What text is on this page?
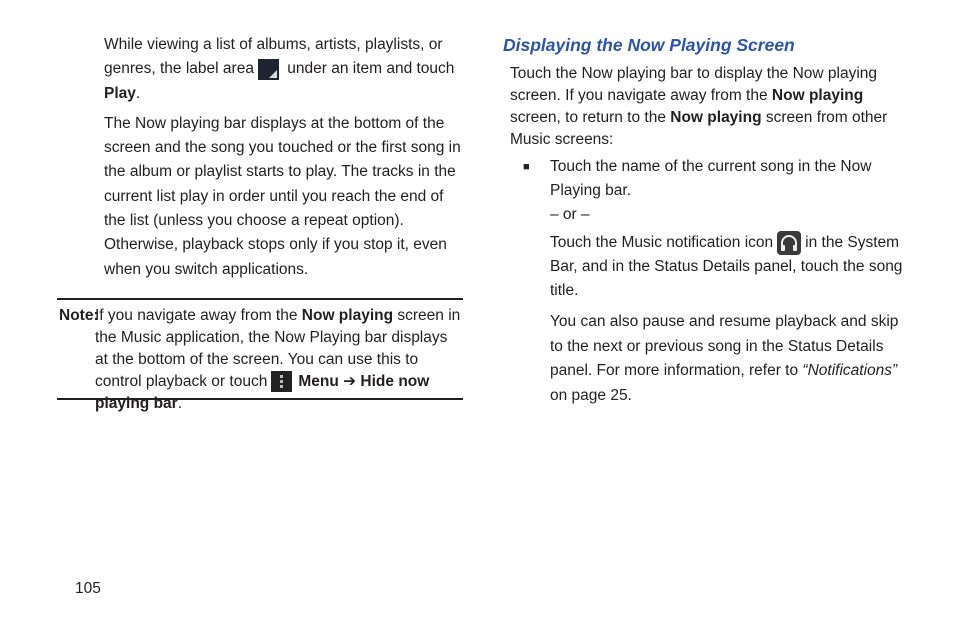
While viewing a list of albums, artists, playlists, or genres, the label area under an item and touch Play.

The Now playing bar displays at the bottom of the screen and the song you touched or the first song in the album or playlist starts to play. The tracks in the current list play in order until you reach the end of the list (unless you choose a repeat option). Otherwise, playback stops only if you stop it, even when you switch applications.

Note:
If you navigate away from the Now playing screen in the Music application, the Now Playing bar displays at the bottom of the screen. You can use this to control playback or touch Menu ➔ Hide now playing bar.
Displaying the Now Playing Screen
Touch the Now playing bar to display the Now playing screen. If you navigate away from the Now playing screen, to return to the Now playing screen from other Music screens:
■ Touch the name of the current song in the Now Playing bar.
– or –
Touch the Music notification icon in the System Bar, and in the Status Details panel, touch the song title.
You can also pause and resume playback and skip to the next or previous song in the Status Details panel. For more information, refer to “Notifications” on page 25.
105
